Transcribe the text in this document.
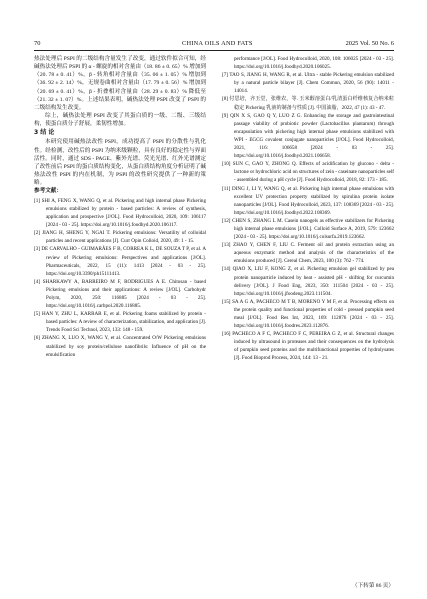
70	CHINA OILS AND FATS	2025 Vol. 50 No. 6

热法处理后 PSPI 的二级结构含量发生了改变，通过软件拟合可知，经碱热法处理后 PSPI 的 α - 螺旋的相对含量由（18. 86 ± 0. 65）% 增加到（20. 78 ± 0. 41）%，β - 转角相对含量由（35. 06 ± 1. 05）% 增加到（36. 92 ± 2. 14）%，无规卷曲相对含量由（17. 79 ± 0. 56）% 增加到（20. 69 ± 0. 41）%，β - 折叠相对含量由（28. 29 ± 0. 83）% 降低至（21. 32 ± 1. 07）%。上述结果表明，碱热法处理 PSPI 改变了 PSPI 的二级结构发生改变。

综上，碱热法处理 PSPI 改变了其蛋白质的一级、二级、三级结构，使蛋白质分子舒展，柔韧性增加。

3 结 论

本研究使用碱热法改性 PSPI，成功提高了 PSPI 的分散性与乳化性。经检测，改性后的 PSPI 为纳米级颗粒，具有良好的稳定性与界面活性。同时，通过 SDS - PAGE、紫外光谱、荧光光谱、红外光谱测定了改性前后 PSPI 的蛋白质结构变化，从蛋白质结构角度分析证明了碱热法改性 PSPI 的内在机制，为 PSPI 的改性研究提供了一种新的策略。

参考文献：

[1] SHI A, FENG X, WANG Q, et al. Pickering and high internal phase Pickering emulsions stabilized by protein - based particles: A review of synthesis, application and prospective [J/OL]. Food Hydrocolloid, 2020, 109: 106117 [2024 - 03 - 25]. https://doi.org/10.1016/j.foodhyd.2020.106117.

[2] JIANG H, SHENG Y, NGAI T. Pickering emulsions: Versatility of colloidal particles and recent applications [J]. Curr Opin Colloid, 2020, 49: 1 - 15.

[3] DE CARVALHO - GUIMARÃES F B, CORREA K L, DE SOUZA T P, et al. A review of Pickering emulsions: Perspectives and applications [J/OL]. Pharmaceuticals, 2022, 15 (11): 1413 [2024 - 03 - 25]. https://doi.org/10.3390/ph15111413.

[4] SHARKAWY A, BARREIRO M F, RODRIGUES A E. Chitosan - based Pickering emulsions and their applications: A review [J/OL]. Carbohydr Polym, 2020, 250: 116885 [2024 - 03 - 25]. https://doi.org/10.1016/j.carbpol.2020.116885.

[5] HAN Y, ZHU L, KARRAR E, et al. Pickering foams stabilized by protein - based particles: A review of characterization, stabilization, and application [J]. Trends Food Sci Technol, 2023, 133: 148 - 159.

[6] ZHANG X, LUO X, WANG Y, et al. Concentrated O/W Pickering emulsions stabilized by soy protein/cellulose nanofibrils: Influence of pH on the emulsification

performance [J/OL]. Food Hydrocolloid, 2020, 108: 106025 [2024 - 03 - 25]. https://doi.org/10.1016/j.foodhyd.2020.106025.

[7] TAO S, JIANG H, WANG R, et al. Ultra - stable Pickering emulsion stabilized by a natural particle bilayer [J]. Chem Commun, 2020, 56 (90): 14011 - 14014.

[8] 付思培，齐玉堂，张维农，等. 玉米醇溶蛋白/乳清蛋白纤维核复合纳米粒稳定 Pickering 乳液的制备与性质 [J]. 中国油脂，2022, 47 (1): 43 - 47.

[9] QIN X S, GAO Q Y, LUO Z G. Enhancing the storage and gastrointestinal passage viability of probiotic powder (Lactobacillus plantarum) through encapsulation with pickering high internal phase emulsions stabilized with WPI - EGCG covalent conjugate nanoparticles [J/OL]. Food Hydrocolloid, 2021, 116: 106658 [2024 - 03 - 25]. https://doi.org/10.1016/j.foodhyd.2021.106658.

[10] SUN C, GAO Y, ZHONG Q. Effects of acidification by glucono - delta - lactone or hydrochloric acid on structures of zein - caseinate nanoparticles self - assembled during a pH cycle [J]. Food Hydrocolloid, 2018, 82: 173 - 185.

[11] DING J, LI Y, WANG Q, et al. Pickering high internal phase emulsions with excellent UV protection property stabilized by spirulina protein isolate nanoparticles [J/OL]. Food Hydrocolloid, 2023, 137: 108369 [2024 - 03 - 25]. https://doi.org/10.1016/j.foodhyd.2022.108369.

[12] CHEN S, ZHANG L M. Casein nanogels as effective stabilizers for Pickering high internal phase emulsions [J/OL]. Colloid Surface A, 2019, 579: 123662 [2024 - 03 - 25]. https://doi.org/10.1016/j.colsurfa.2019.123662.

[13] ZHAO Y, CHEN F, LIU C. Ferment oil and protein extraction using an aqueous enzymatic method and analysis of the characteristics of the emulsions produced [J]. Cereal Chem, 2023, 100 (3): 762 - 774.

[14] QIAO X, LIU F, KONG Z, et al. Pickering emulsion gel stabilized by pea protein nanoparticle induced by heat - assisted pH - shifting for curcumin delivery [J/OL]. J Food Eng, 2023, 350: 111504 [2024 - 03 - 25]. https://doi.org/10.1016/j.jfoodeng.2023.111504.

[15] SA A G A, PACHECO M T B, MORENO Y M F, et al. Processing effects on the protein quality and functional properties of cold - pressed pumpkin seed meal [J/OL]. Food Res Int, 2023, 169: 112876 [2024 - 03 - 25]. https://doi.org/10.1016/j.foodres.2023.112876.

[16] PACHECO A F C, PACHECO F C, PEREIRA G Z, et al. Structural changes induced by ultrasound in proteases and their consequences on the hydrolysis of pumpkin seed proteins and the multifunctional properties of hydrolysates [J]. Food Bioprod Process, 2024, 144: 13 - 21.

（下转第 86 页）
